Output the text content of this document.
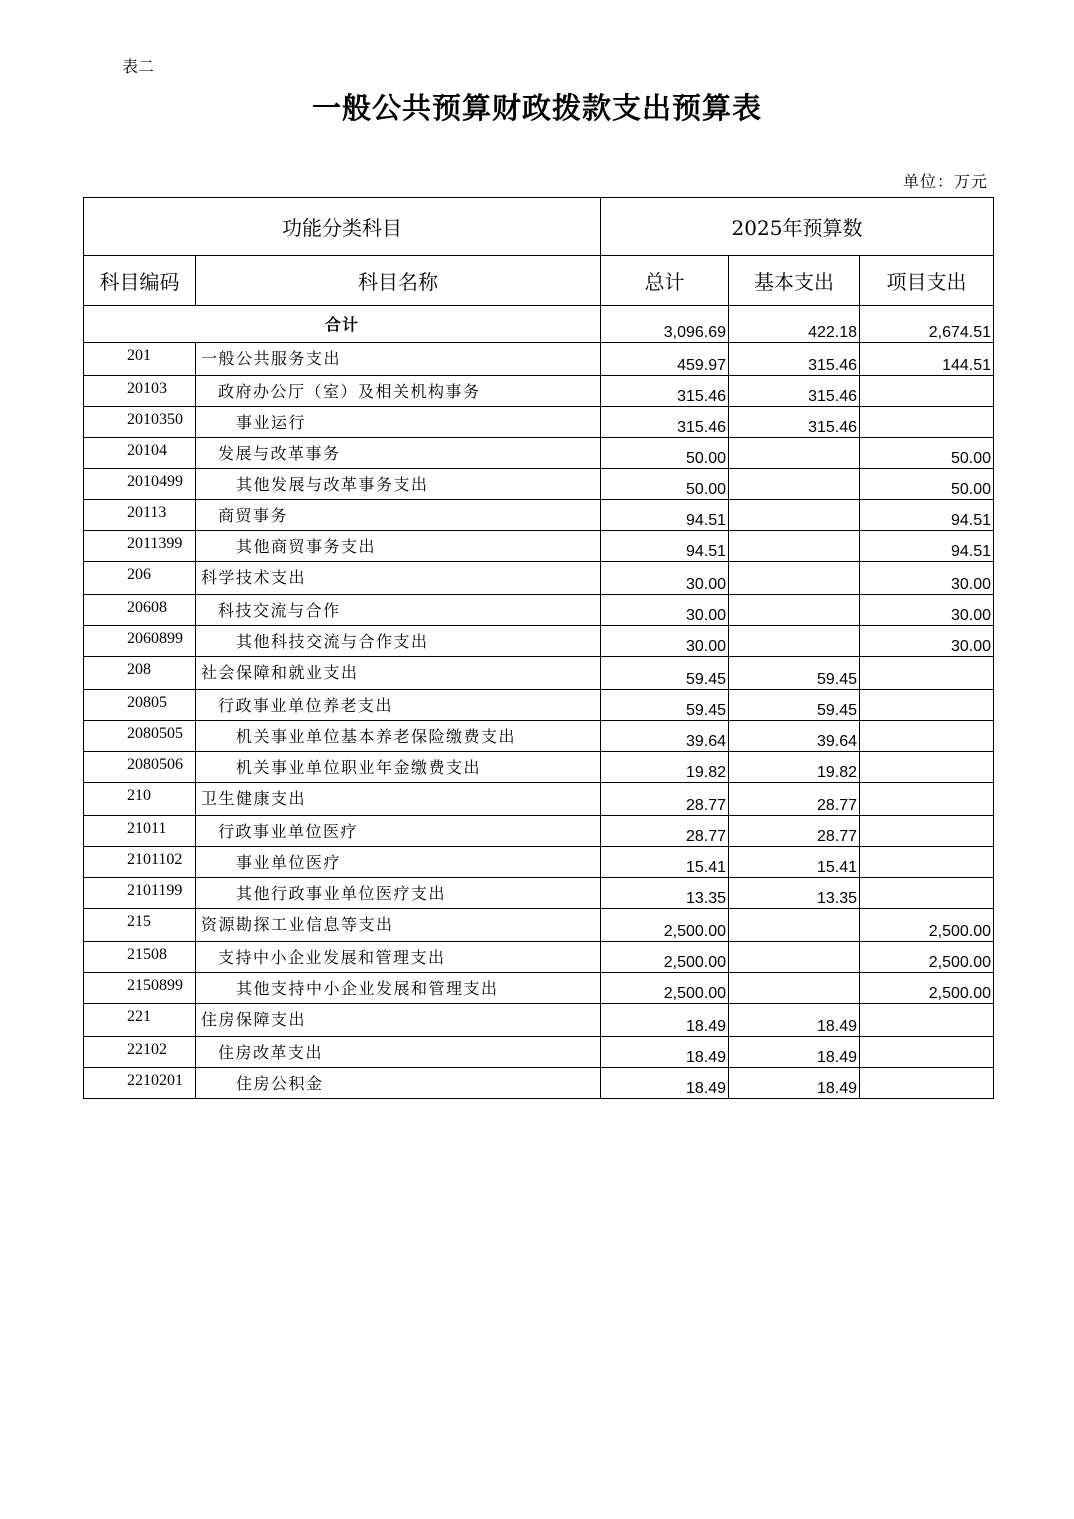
表二
一般公共预算财政拨款支出预算表
单位：万元
功能分类科目		2025年预算数		
科目编码	科目名称	总计	基本支出	项目支出
合计		3,096.69	422.18	2,674.51
201	一般公共服务支出	459.97	315.46	144.51
20103	政府办公厅（室）及相关机构事务	315.46	315.46	
2010350	事业运行	315.46	315.46	
20104	发展与改革事务	50.00		50.00
2010499	其他发展与改革事务支出	50.00		50.00
20113	商贸事务	94.51		94.51
2011399	其他商贸事务支出	94.51		94.51
206	科学技术支出	30.00		30.00
20608	科技交流与合作	30.00		30.00
2060899	其他科技交流与合作支出	30.00		30.00
208	社会保障和就业支出	59.45	59.45	
20805	行政事业单位养老支出	59.45	59.45	
2080505	机关事业单位基本养老保险缴费支出	39.64	39.64	
2080506	机关事业单位职业年金缴费支出	19.82	19.82	
210	卫生健康支出	28.77	28.77	
21011	行政事业单位医疗	28.77	28.77	
2101102	事业单位医疗	15.41	15.41	
2101199	其他行政事业单位医疗支出	13.35	13.35	
215	资源勘探工业信息等支出	2,500.00		2,500.00
21508	支持中小企业发展和管理支出	2,500.00		2,500.00
2150899	其他支持中小企业发展和管理支出	2,500.00		2,500.00
221	住房保障支出	18.49	18.49	
22102	住房改革支出	18.49	18.49	
2210201	住房公积金	18.49	18.49	
